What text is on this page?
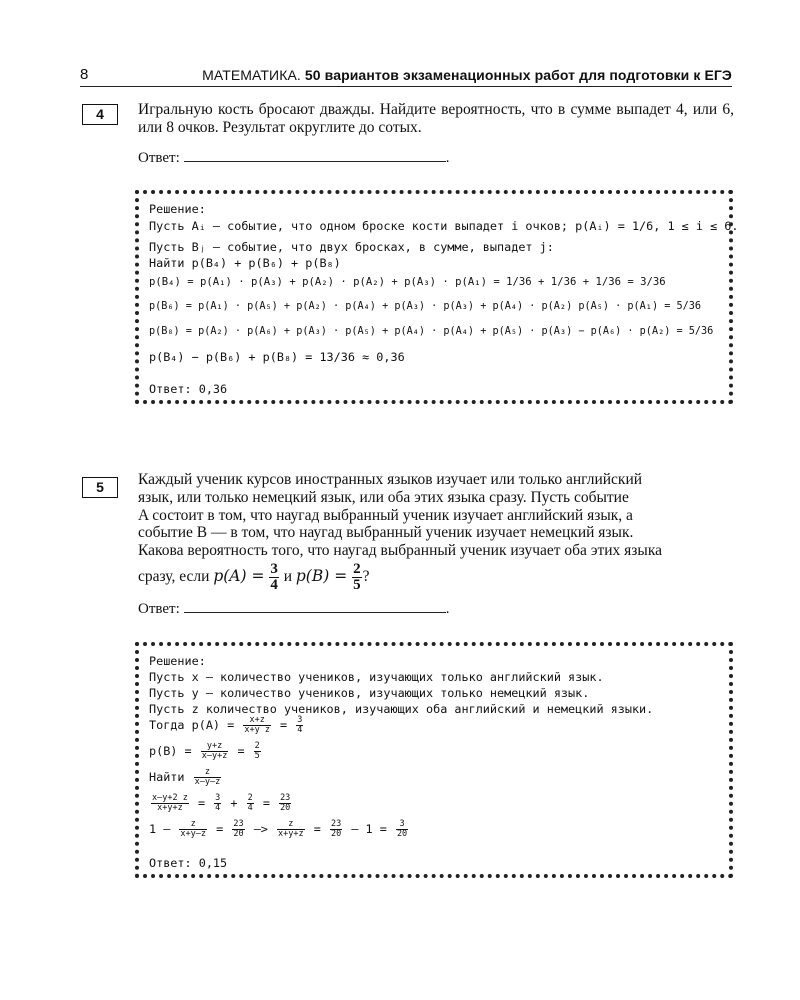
8	МАТЕМАТИКА. 50 вариантов экзаменационных работ для подготовки к ЕГЭ
4	Игральную кость бросают дважды. Найдите вероятность, что в сумме выпадет 4, или 6, или 8 очков. Результат округлите до сотых.
Ответ:	.
Решение:
Пусть Aᵢ – событие, что одном броске кости выпадет i очков; p(Aᵢ) = 1/6, 1 ≤ i ≤ 6.
Пусть Bⱼ – событие, что двух бросках, в сумме, выпадет j:
Найти p(B₄) + p(B₆) + p(B₈)
p(B₄) = p(A₁) · p(A₃) + p(A₂) · p(A₂) + p(A₃) · p(A₁) = 1/36 + 1/36 + 1/36 = 3/36
p(B₆) = p(A₁) · p(A₅) + p(A₂) · p(A₄) + p(A₃) · p(A₃) + p(A₄) · p(A₂) p(A₅) · p(A₁) = 5/36
p(B₈) = p(A₂) · p(A₆) + p(A₃) · p(A₅) + p(A₄) · p(A₄) + p(A₅) · p(A₃) − p(A₆) · p(A₂) = 5/36
p(B₄) − p(B₆) + p(B₈) = 13/36 ≈ 0,36
Ответ: 0,36
5	Каждый ученик курсов иностранных языков изучает или только английский
язык, или только немецкий язык, или оба этих языка сразу. Пусть событие
A состоит в том, что наугад выбранный ученик изучает английский язык, а
событие B — в том, что наугад выбранный ученик изучает немецкий язык.
Какова вероятность того, что наугад выбранный ученик изучает оба этих языка
сразу, если $p(A) = \frac{3}{4}$ и $p(B) = \frac{2}{5}$ ?
Ответ:	.
Решение:
Пусть x – количество учеников, изучающих только английский язык.
Пусть y – количество учеников, изучающих только немецкий язык.
Пусть z количество учеников, изучающих оба английский и немецкий языки.
Тогда $p(A) = \frac{x+z}{\text{x+y z}} = \frac{3}{4}$
$p(B) = \frac{y+z}{x-y+z} = \frac{2}{5}$
Найти $\frac{z}{x-y-z}$
$\frac{x-y+2 z}{x+y+z} = \frac{3}{4} + \frac{2}{4} = \frac{23}{20}$
$1 - \frac{z}{x+y-z} = \frac{23}{20} -> \frac{z}{x+y+z} = \frac{23}{20} - 1 = \frac{3}{20}$
Ответ: 0,15
